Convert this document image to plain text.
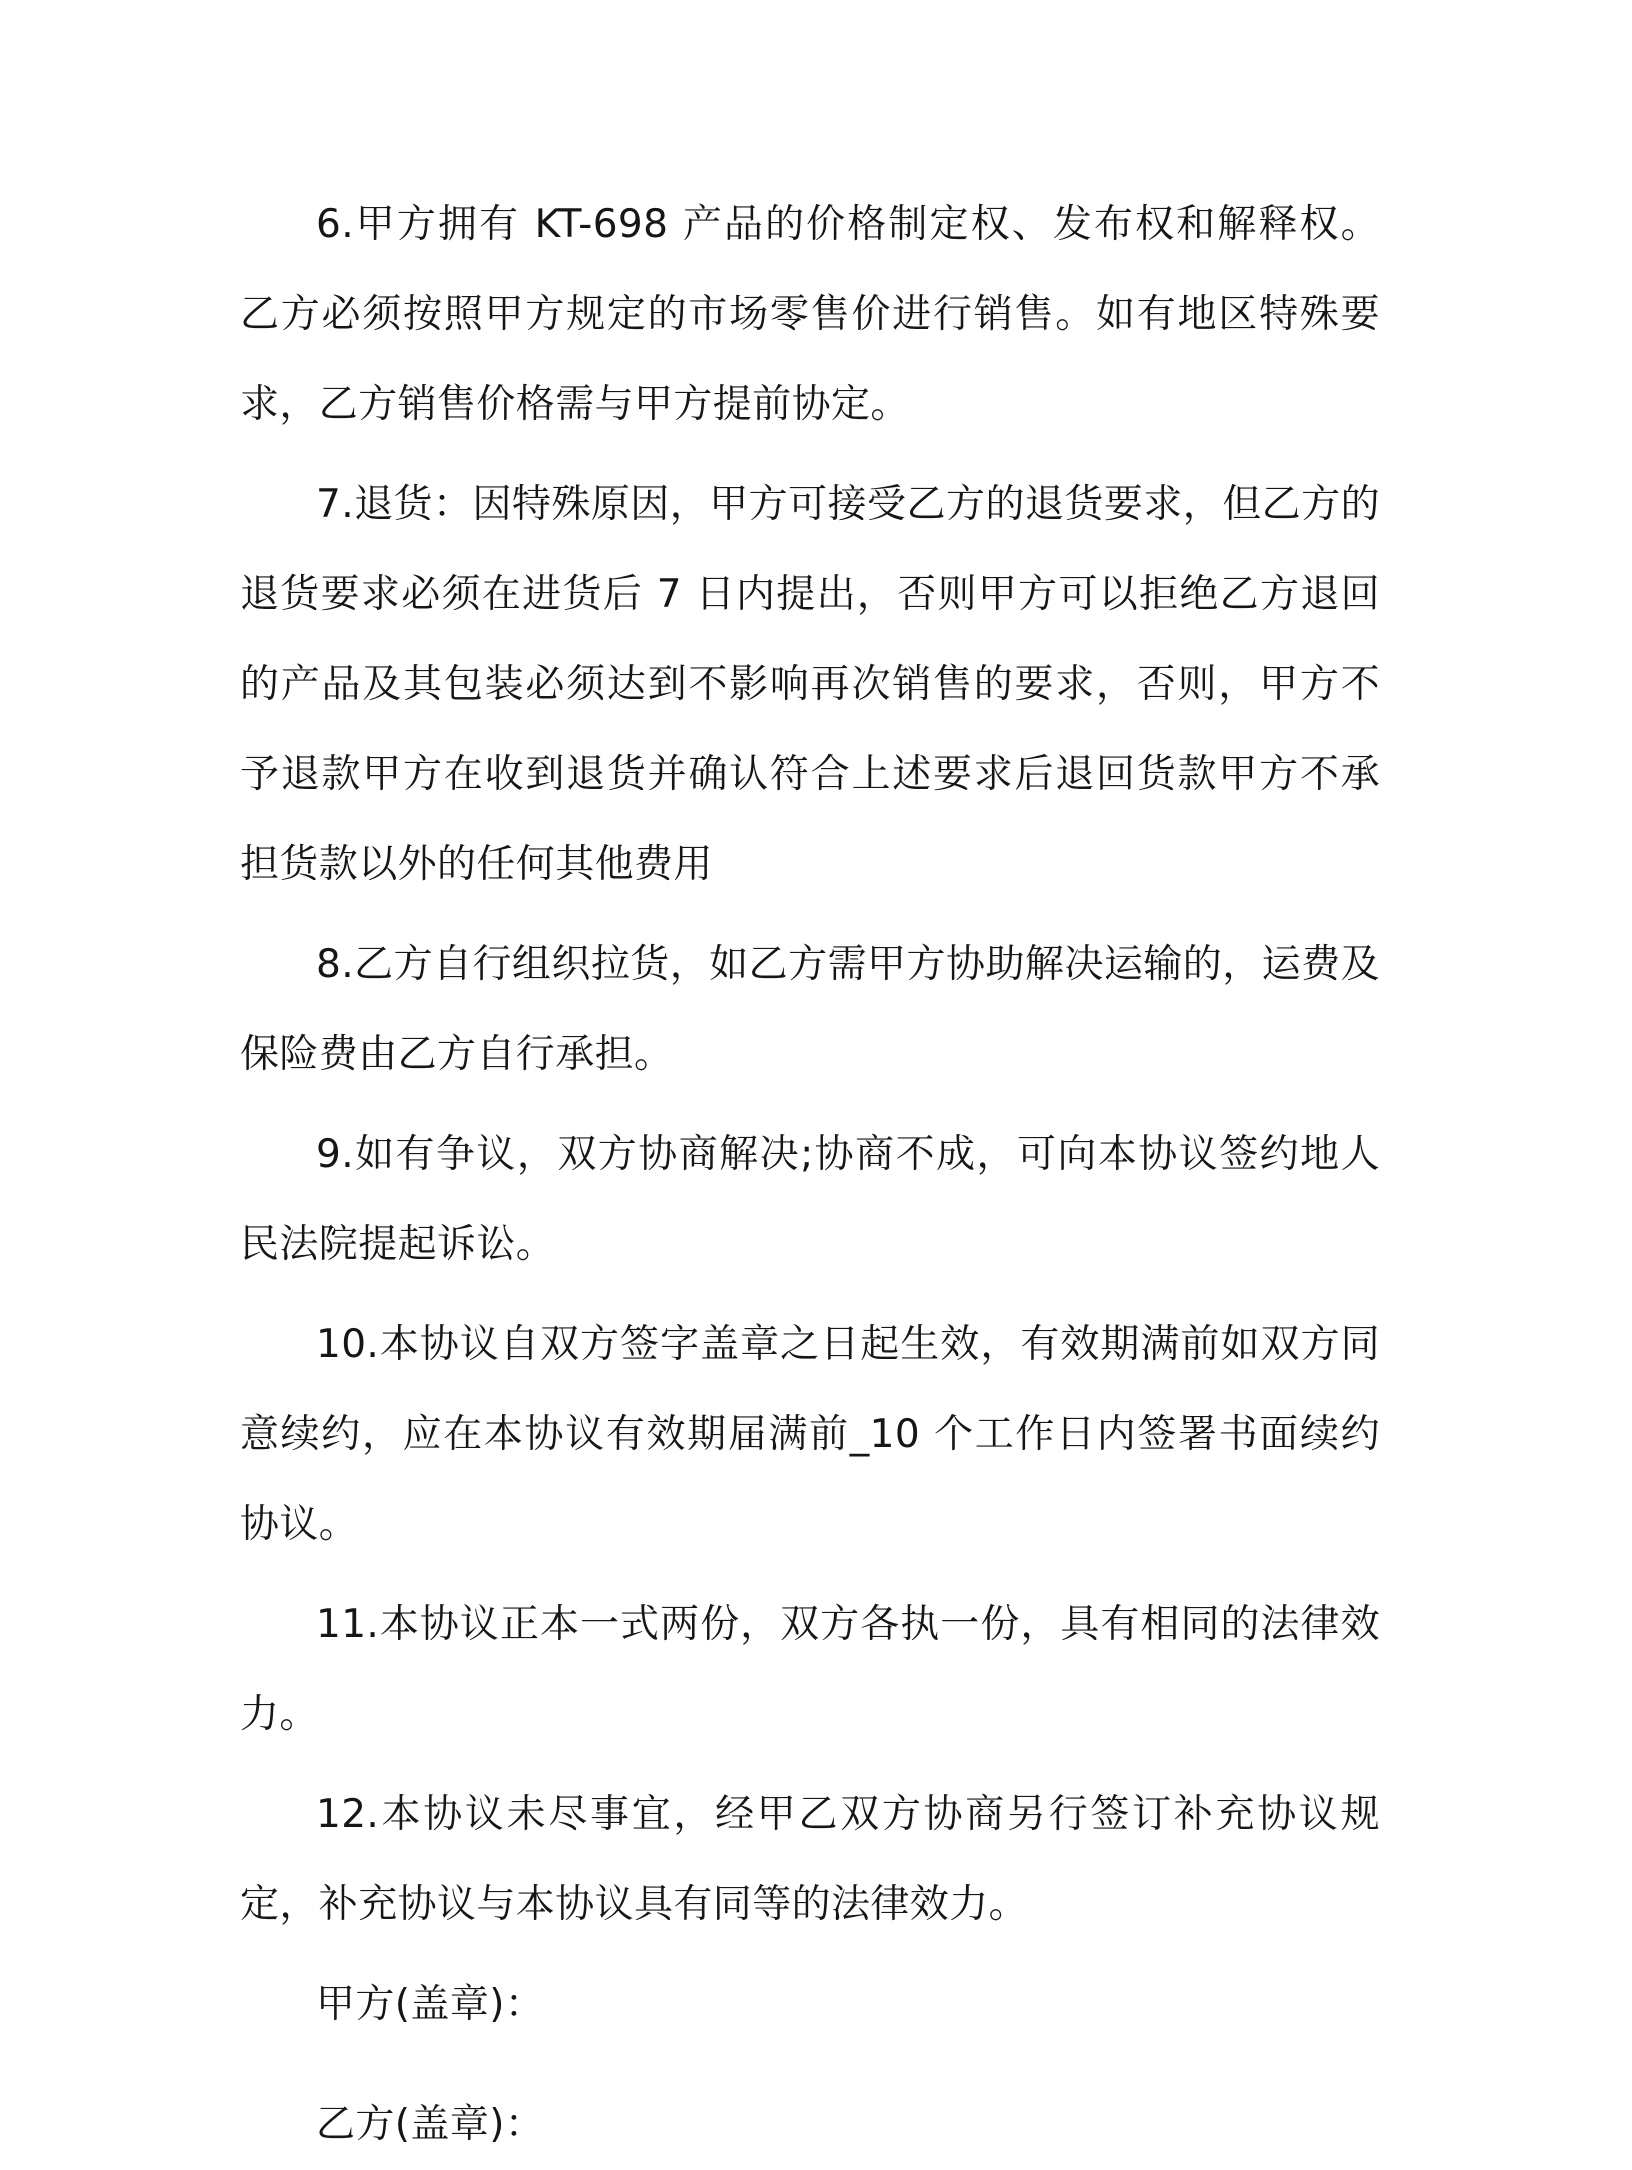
6.甲方拥有 KT-698 产品的价格制定权、发布权和解释权。乙方必须按照甲方规定的市场零售价进行销售。如有地区特殊要求，乙方销售价格需与甲方提前协定。

7.退货：因特殊原因，甲方可接受乙方的退货要求，但乙方的退货要求必须在进货后 7 日内提出，否则甲方可以拒绝乙方退回的产品及其包装必须达到不影响再次销售的要求，否则，甲方不予退款甲方在收到退货并确认符合上述要求后退回货款甲方不承担货款以外的任何其他费用

8.乙方自行组织拉货，如乙方需甲方协助解决运输的，运费及保险费由乙方自行承担。

9.如有争议，双方协商解决;协商不成，可向本协议签约地人民法院提起诉讼。

10.本协议自双方签字盖章之日起生效，有效期满前如双方同意续约，应在本协议有效期届满前_10 个工作日内签署书面续约协议。

11.本协议正本一式两份，双方各执一份，具有相同的法律效力。

12.本协议未尽事宜，经甲乙双方协商另行签订补充协议规定，补充协议与本协议具有同等的法律效力。

甲方(盖章)：

乙方(盖章)：
